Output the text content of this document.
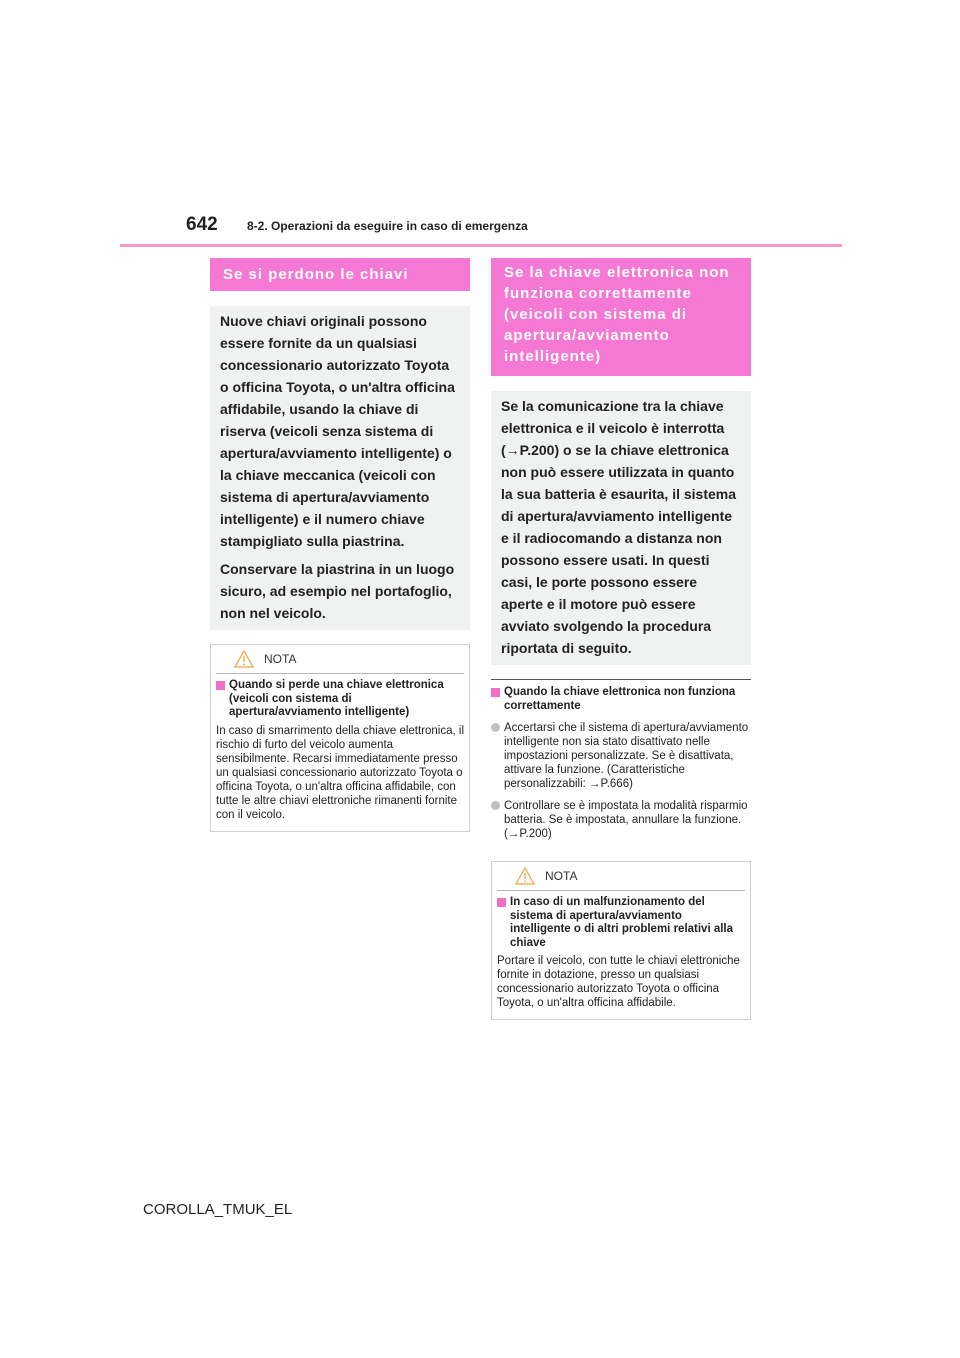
642 8-2. Operazioni da eseguire in caso di emergenza
Se si perdono le chiavi

Nuove chiavi originali possono essere fornite da un qualsiasi concessionario autorizzato Toyota o officina Toyota, o un'altra officina affidabile, usando la chiave di riserva (veicoli senza sistema di apertura/avviamento intelligente) o la chiave meccanica (veicoli con sistema di apertura/avviamento intelligente) e il numero chiave stampigliato sulla piastrina.

Conservare la piastrina in un luogo sicuro, ad esempio nel portafoglio, non nel veicolo.

NOTA
Quando si perde una chiave elettronica (veicoli con sistema di apertura/avviamento intelligente)
In caso di smarrimento della chiave elettronica, il rischio di furto del veicolo aumenta sensibilmente. Recarsi immediatamente presso un qualsiasi concessionario autorizzato Toyota o officina Toyota, o un'altra officina affidabile, con tutte le altre chiavi elettroniche rimanenti fornite con il veicolo.
Se la chiave elettronica non funziona correttamente (veicoli con sistema di apertura/avviamento intelligente)

Se la comunicazione tra la chiave elettronica e il veicolo è interrotta (→P.200) o se la chiave elettronica non può essere utilizzata in quanto la sua batteria è esaurita, il sistema di apertura/avviamento intelligente e il radiocomando a distanza non possono essere usati. In questi casi, le porte possono essere aperte e il motore può essere avviato svolgendo la procedura riportata di seguito.

Quando la chiave elettronica non funziona correttamente
Accertarsi che il sistema di apertura/avviamento intelligente non sia stato disattivato nelle impostazioni personalizzate. Se è disattivata, attivare la funzione. (Caratteristiche personalizzabili: →P.666)
Controllare se è impostata la modalità risparmio batteria. Se è impostata, annullare la funzione. (→P.200)
NOTA
In caso di un malfunzionamento del sistema di apertura/avviamento intelligente o di altri problemi relativi alla chiave
Portare il veicolo, con tutte le chiavi elettroniche fornite in dotazione, presso un qualsiasi concessionario autorizzato Toyota o officina Toyota, o un'altra officina affidabile.
COROLLA_TMUK_EL
